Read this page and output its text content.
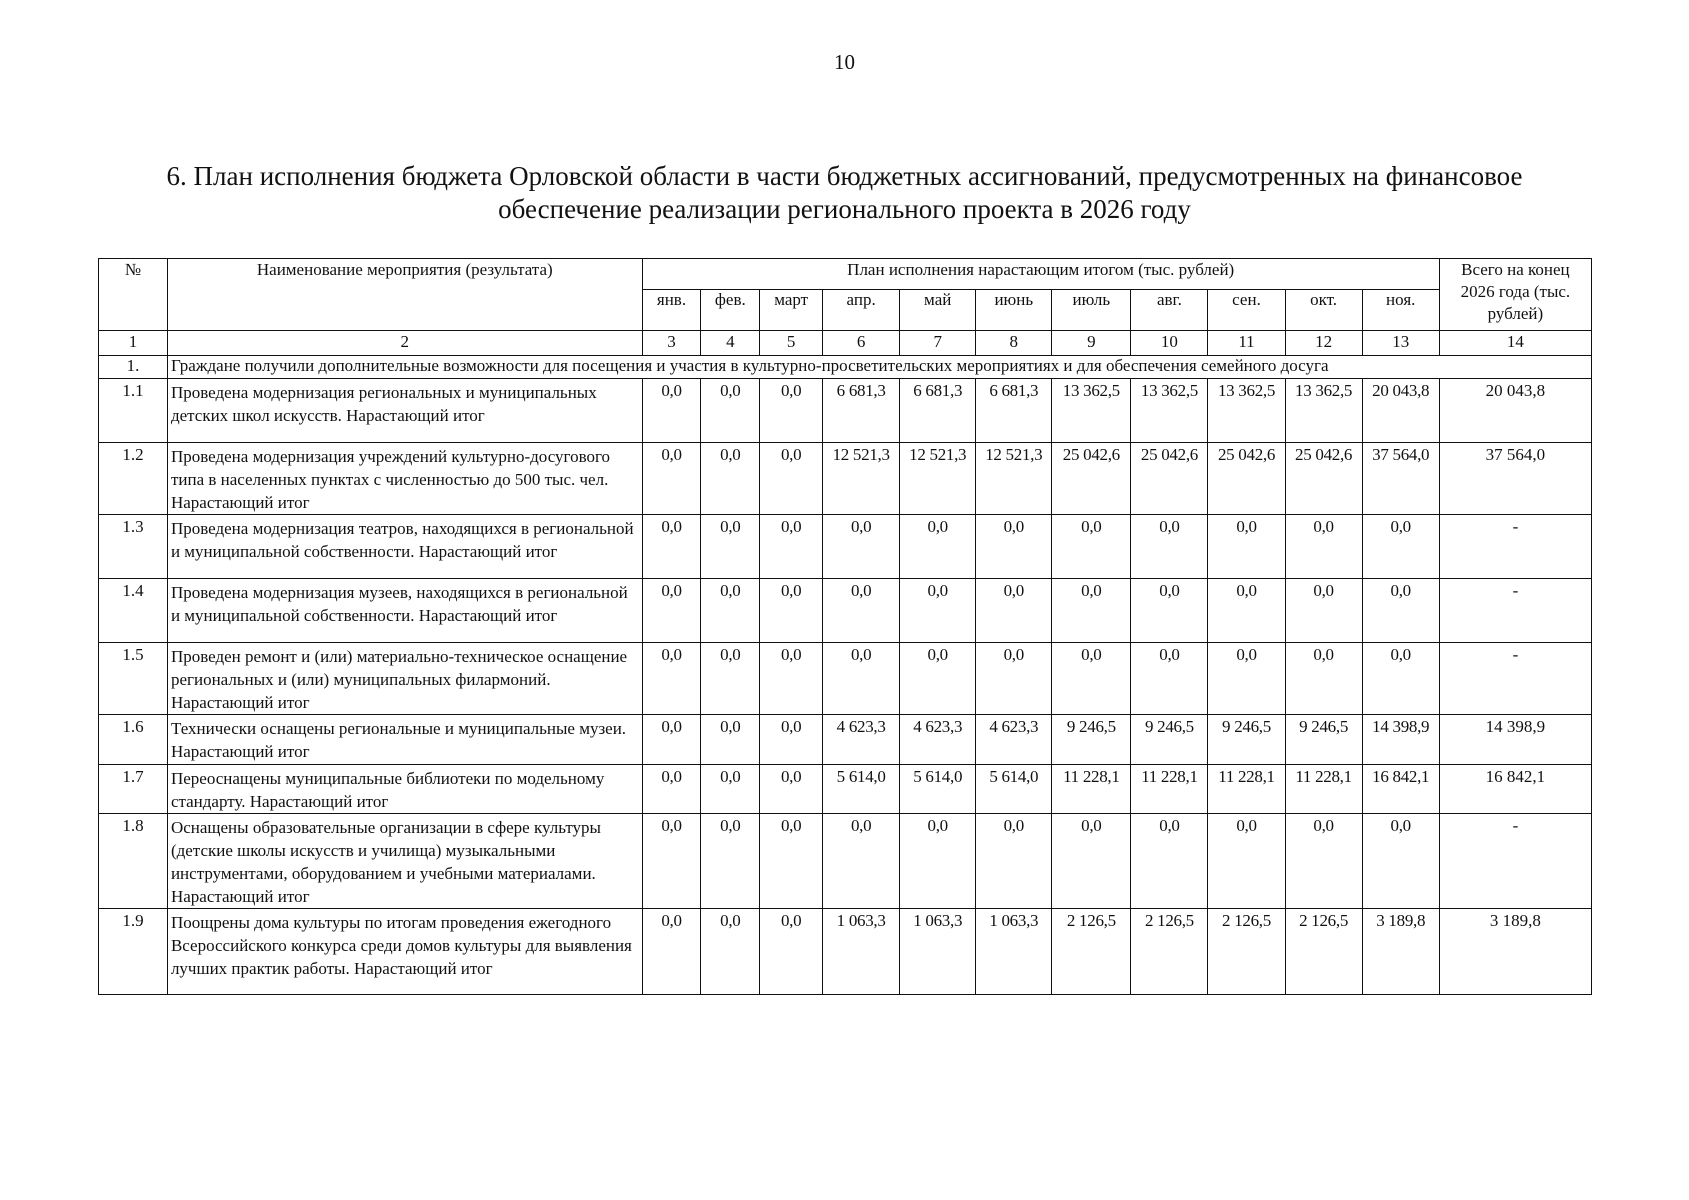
10
6. План исполнения бюджета Орловской области в части бюджетных ассигнований, предусмотренных на финансовое
обеспечение реализации регионального проекта в 2026 году
№	Наименование мероприятия (результата)	План исполнения нарастающим итогом (тыс. рублей)											Всего на конец 2026 года (тыс. рублей)
		янв.	фев.	март	апр.	май	июнь	июль	авг.	сен.	окт.	ноя.	
1	2	3	4	5	6	7	8	9	10	11	12	13	14
1.	Граждане получили дополнительные возможности для посещения и участия в культурно-просветительских мероприятиях и для обеспечения семейного досуга												
1.1	Проведена модернизация региональных и муниципальных детских школ искусств. Нарастающий итог	0,0	0,0	0,0	6 681,3	6 681,3	6 681,3	13 362,5	13 362,5	13 362,5	13 362,5	20 043,8	20 043,8
1.2	Проведена модернизация учреждений культурно-досугового типа в населенных пунктах с численностью до 500 тыс. чел. Нарастающий итог	0,0	0,0	0,0	12 521,3	12 521,3	12 521,3	25 042,6	25 042,6	25 042,6	25 042,6	37 564,0	37 564,0
1.3	Проведена модернизация театров, находящихся в региональной и муниципальной собственности. Нарастающий итог	0,0	0,0	0,0	0,0	0,0	0,0	0,0	0,0	0,0	0,0	0,0	-
1.4	Проведена модернизация музеев, находящихся в региональной и муниципальной собственности. Нарастающий итог	0,0	0,0	0,0	0,0	0,0	0,0	0,0	0,0	0,0	0,0	0,0	-
1.5	Проведен ремонт и (или) материально-техническое оснащение региональных и (или) муниципальных филармоний. Нарастающий итог	0,0	0,0	0,0	0,0	0,0	0,0	0,0	0,0	0,0	0,0	0,0	-
1.6	Технически оснащены региональные и муниципальные музеи. Нарастающий итог	0,0	0,0	0,0	4 623,3	4 623,3	4 623,3	9 246,5	9 246,5	9 246,5	9 246,5	14 398,9	14 398,9
1.7	Переоснащены муниципальные библиотеки по модельному стандарту. Нарастающий итог	0,0	0,0	0,0	5 614,0	5 614,0	5 614,0	11 228,1	11 228,1	11 228,1	11 228,1	16 842,1	16 842,1
1.8	Оснащены образовательные организации в сфере культуры (детские школы искусств и училища) музыкальными инструментами, оборудованием и учебными материалами. Нарастающий итог	0,0	0,0	0,0	0,0	0,0	0,0	0,0	0,0	0,0	0,0	0,0	-
1.9	Поощрены дома культуры по итогам проведения ежегодного Всероссийского конкурса среди домов культуры для выявления лучших практик работы. Нарастающий итог	0,0	0,0	0,0	1 063,3	1 063,3	1 063,3	2 126,5	2 126,5	2 126,5	2 126,5	3 189,8	3 189,8
